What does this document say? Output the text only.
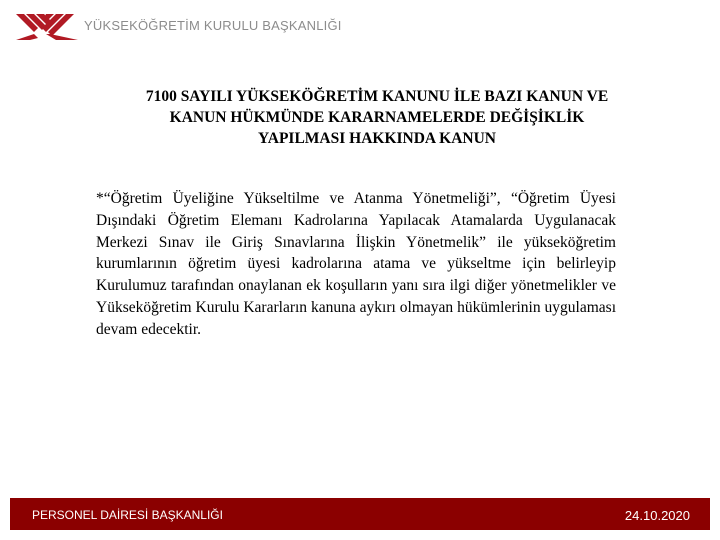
YÜKSEKÖĞRETİM KURULU BAŞKANLIĞI
7100 SAYILI YÜKSEKÖĞRETİM KANUNU İLE BAZI KANUN VE
KANUN HÜKMÜNDE KARARNAMELERDE DEĞİŞİKLİK
YAPILMASI HAKKINDA KANUN
*“Öğretim Üyeliğine Yükseltilme ve Atanma Yönetmeliği”, “Öğretim Üyesi Dışındaki Öğretim Elemanı Kadrolarına Yapılacak Atamalarda Uygulanacak Merkezi Sınav ile Giriş Sınavlarına İlişkin Yönetmelik” ile yükseköğretim kurumlarının öğretim üyesi kadrolarına atama ve yükseltme için belirleyip Kurulumuz tarafından onaylanan ek koşulların yanı sıra ilgi diğer yönetmelikler ve Yükseköğretim Kurulu Kararların kanuna aykırı olmayan hükümlerinin uygulaması devam edecektir.
PERSONEL DAİRESİ BAŞKANLIĞI	24.10.2020
